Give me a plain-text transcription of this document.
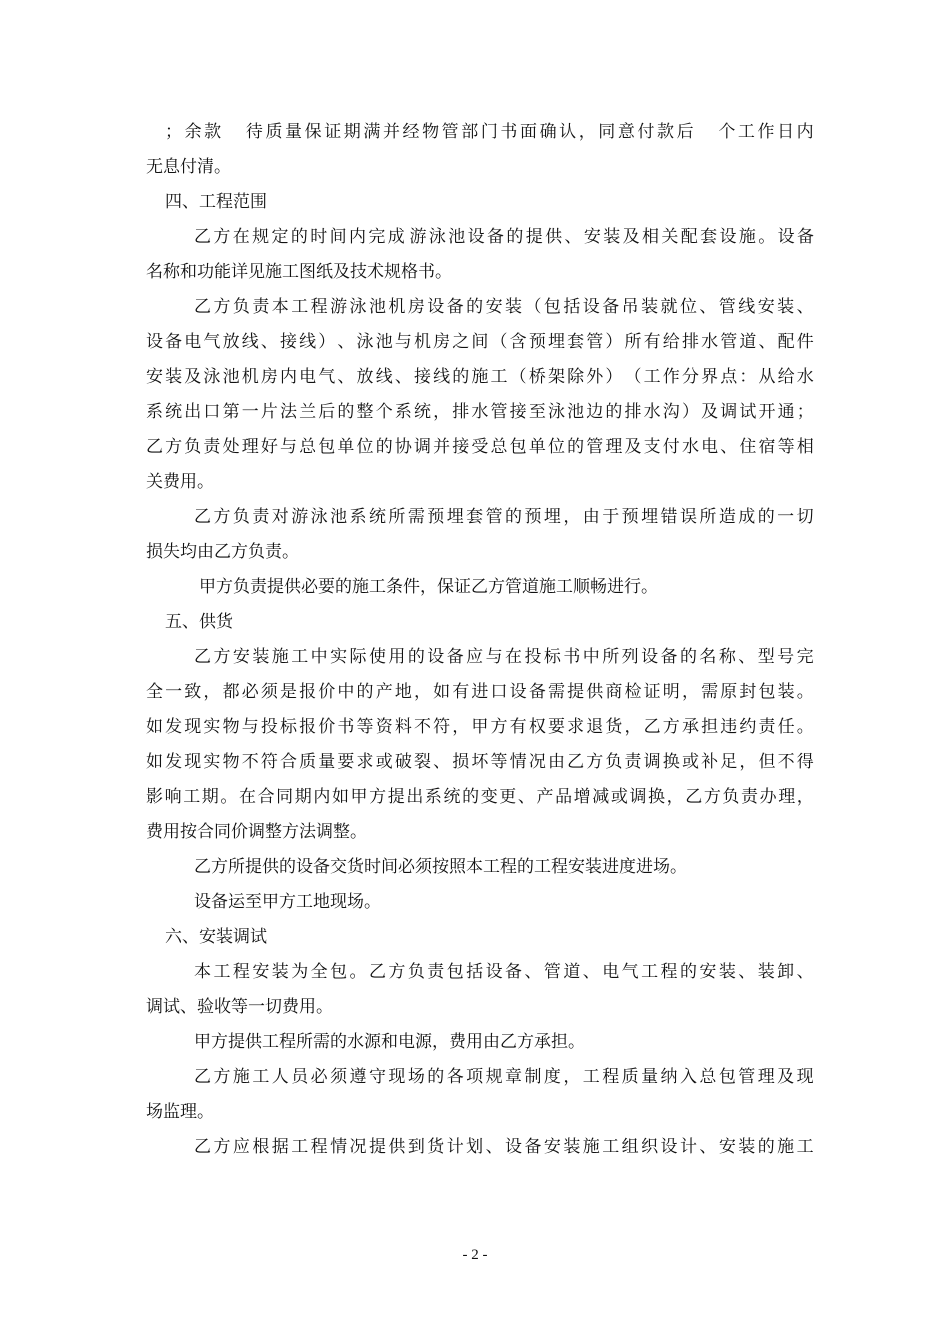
； 余 款
　 待 质 量 保 证 期 满 并 经 物 管 部 门 书 面 确 认 ， 同 意 付 款 后
　 个 工 作 日 内
无息付清。
四、工程范围
乙 方 在 规 定 的 时 间 内 完 成 游 泳 池 设 备 的 提 供 、 安 装 及 相 关 配 套 设 施 。 设 备
名称和功能详见施工图纸及技术规格书。
乙 方 负 责 本 工 程 游 泳 池 机 房 设 备 的 安 装 （ 包 括 设 备 吊 装 就 位 、 管 线 安 装 、
设 备 电 气 放 线 、 接 线 ） 、 泳 池 与 机 房 之 间 （ 含 预 埋 套 管 ） 所 有 给 排 水 管 道 、 配 件
安 装 及 泳 池 机 房 内 电 气 、 放 线 、 接 线 的 施 工 （ 桥 架 除 外 ） （ 工 作 分 界 点 ： 从 给 水
系 统 出 口 第 一 片 法 兰 后 的 整 个 系 统 ， 排 水 管 接 至 泳 池 边 的 排 水 沟 ） 及 调 试 开 通 ；
乙 方 负 责 处 理 好 与 总 包 单 位 的 协 调 并 接 受 总 包 单 位 的 管 理 及 支 付 水 电 、 住 宿 等 相
关费用。
乙 方 负 责 对 游 泳 池 系 统 所 需 预 埋 套 管 的 预 埋 ， 由 于 预 埋 错 误 所 造 成 的 一 切
损失均由乙方负责。
甲方负责提供必要的施工条件，保证乙方管道施工顺畅进行。
五、供货
乙 方 安 装 施 工 中 实 际 使 用 的 设 备 应 与 在 投 标 书 中 所 列 设 备 的 名 称 、 型 号 完
全 一 致 ， 都 必 须 是 报 价 中 的 产 地 ， 如 有 进 口 设 备 需 提 供 商 检 证 明 ， 需 原 封 包 装 。
如 发 现 实 物 与 投 标 报 价 书 等 资 料 不 符 ， 甲 方 有 权 要 求 退 货 ， 乙 方 承 担 违 约 责 任 。
如 发 现 实 物 不 符 合 质 量 要 求 或 破 裂 、 损 坏 等 情 况 由 乙 方 负 责 调 换 或 补 足 ， 但 不 得
影 响 工 期 。 在 合 同 期 内 如 甲 方 提 出 系 统 的 变 更 、 产 品 增 减 或 调 换 ， 乙 方 负 责 办 理 ，
费用按合同价调整方法调整。
乙方所提供的设备交货时间必须按照本工程的工程安装进度进场。
设备运至甲方工地现场。
六、安装调试
本 工 程 安 装 为 全 包 。 乙 方 负 责 包 括 设 备 、 管 道 、 电 气 工 程 的 安 装 、 装 卸 、
调试、验收等一切费用。
甲方提供工程所需的水源和电源，费用由乙方承担。
乙 方 施 工 人 员 必 须 遵 守 现 场 的 各 项 规 章 制 度 ， 工 程 质 量 纳 入 总 包 管 理 及 现
场监理。
乙 方 应 根 据 工 程 情 况 提 供 到 货 计 划 、 设 备 安 装 施 工 组 织 设 计 、 安 装 的 施 工
- 2 -
